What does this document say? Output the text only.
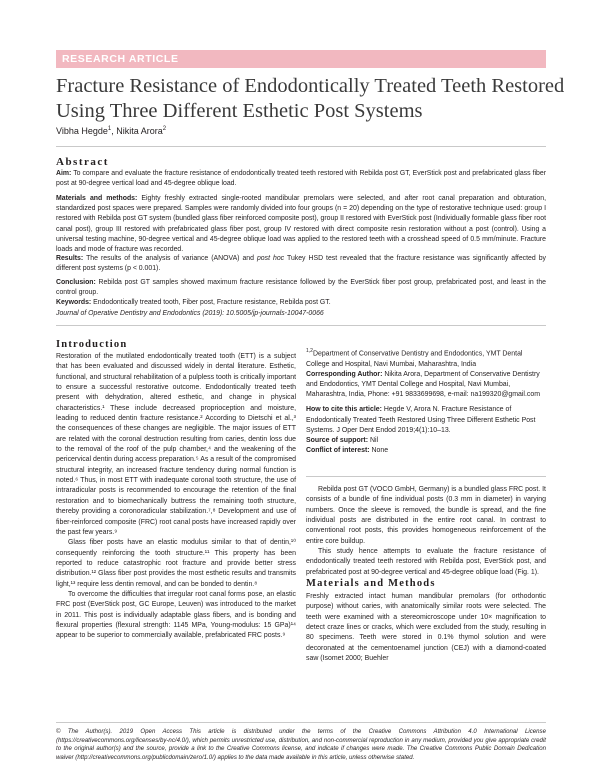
RESEARCH ARTICLE
Fracture Resistance of Endodontically Treated Teeth Restored
Using Three Different Esthetic Post Systems
Vibha Hegde$^1$, Nikita Arora$^2$
Abstract
Aim: To compare and evaluate the fracture resistance of endodontically treated teeth restored with Rebilda post GT, EverStick post and prefabricated glass fiber post at 90-degree vertical load and 45-degree oblique load.
Materials and methods: Eighty freshly extracted single-rooted mandibular premolars were selected, and after root canal preparation and obturation, standardized post spaces were prepared. Samples were randomly divided into four groups (n = 20) depending on the type of restorative technique used: group I restored with Rebilda post GT system (bundled glass fiber reinforced composite post), group II restored with EverStick post (Individually formable glass fiber root canal post), group III restored with prefabricated glass fiber post, group IV restored with direct composite resin restoration without a post (control). Using a universal testing machine, 90-degree vertical and 45-degree oblique load was applied to the restored teeth with a crosshead speed of 0.5 mm/minute. Fracture loads and mode of fracture was recorded.
Results: The results of the analysis of variance (ANOVA) and post hoc Tukey HSD test revealed that the fracture resistance was significantly affected by different post systems (p < 0.001).
Conclusion: Rebilda post GT samples showed maximum fracture resistance followed by the EverStick fiber post group, prefabricated post, and least in the control group.
Keywords: Endodontically treated tooth, Fiber post, Fracture resistance, Rebilda post GT.
Journal of Operative Dentistry and Endodontics (2019): 10.5005/jp-journals-10047-0066
Introduction

Restoration of the mutilated endodontically treated tooth (ETT) is a subject that has been evaluated and discussed widely in dental literature. Esthetic, functional, and structural rehabilitation of a pulpless tooth is critically important to ensure a successful restorative outcome. Endodontically treated teeth present with dehydration, altered esthetic, and change in physical characteristics.¹ These include decreased proprioception and moisture, leading to reduced dentin fracture resistance.² According to Dietschi et al.,³ the consequences of these changes are negligible. The major issues of ETT are related with the coronal destruction resulting from caries, dentin loss due to the removal of the roof of the pulp chamber,⁴ and the weakening of the pericervical dentin during access preparation.⁵ As a result of the compromised structural integrity, an increased fracture tendency during normal function is noted.⁶ Thus, in most ETT with inadequate coronal tooth structure, the use of intraradicular posts is recommended to encourage the retention of the final restoration and to biomechanically buttress the remaining tooth structure, thereby providing a coronoradicular stabilization.⁷,⁸ Development and use of fiber-reinforced composite (FRC) root canal posts have increased rapidly over the past few years.⁹

Glass fiber posts have an elastic modulus similar to that of dentin,¹⁰ consequently reinforcing the tooth structure.¹¹ This property has been reported to reduce catastrophic root fracture and provide better stress distribution.¹² Glass fiber post provides the most esthetic results and transmits light,¹³ require less dentin removal, and can be bonded to dentin.⁸

To overcome the difficulties that irregular root canal forms pose, an elastic FRC post (EverStick post, GC Europe, Leuven) was introduced to the market in 2011. This post is individually adaptable glass fibers, and is bonding and flexural properties (flexural strength: 1145 MPa, Young-modulus: 15 GPa)¹⁴ appear to be superior to commercially available, prefabricated FRC posts.⁹

$^{1,2}$Department of Conservative Dentistry and Endodontics, YMT Dental College and Hospital, Navi Mumbai, Maharashtra, India

Corresponding Author: Nikita Arora, Department of Conservative Dentistry and Endodontics, YMT Dental College and Hospital, Navi Mumbai, Maharashtra, India, Phone: +91 9833699698, e-mail: na199320@gmail.com

How to cite this article: Hegde V, Arora N. Fracture Resistance of Endodontically Treated Teeth Restored Using Three Different Esthetic Post Systems. J Oper Dent Endod 2019;4(1):10–13.

Source of support: Nil

Conflict of interest: None

Rebilda post GT (VOCO GmbH, Germany) is a bundled glass FRC post. It consists of a bundle of fine individual posts (0.3 mm in diameter) in varying numbers. Once the sleeve is removed, the bundle is spread, and the fine individual posts are distributed in the entire root canal. In contrast to conventional root posts, this provides homogeneous reinforcement of the entire core buildup.

This study hence attempts to evaluate the fracture resistance of endodontically treated teeth restored with Rebilda post, EverStick post, and prefabricated post at 90-degree vertical and 45-degree oblique load (Fig. 1).

Materials and Methods

Freshly extracted intact human mandibular premolars (for orthodontic purpose) without caries, with anatomically similar roots were selected. The teeth were examined with a stereomicroscope under 10× magnification to detect craze lines or cracks, which were excluded from the study, resulting in 80 specimens. Teeth were stored in 0.1% thymol solution and were decoronated at the cementoenamel junction (CEJ) with a diamond-coated saw (Isomet 2000; Buehler

© The Author(s). 2019 Open Access This article is distributed under the terms of the Creative Commons Attribution 4.0 International License (https://creativecommons.org/licenses/by-nc/4.0/), which permits unrestricted use, distribution, and non-commercial reproduction in any medium, provided you give appropriate credit to the original author(s) and the source, provide a link to the Creative Commons license, and indicate if changes were made. The Creative Commons Public Domain Dedication waiver (http://creativecommons.org/publicdomain/zero/1.0/) applies to the data made available in this article, unless otherwise stated.
